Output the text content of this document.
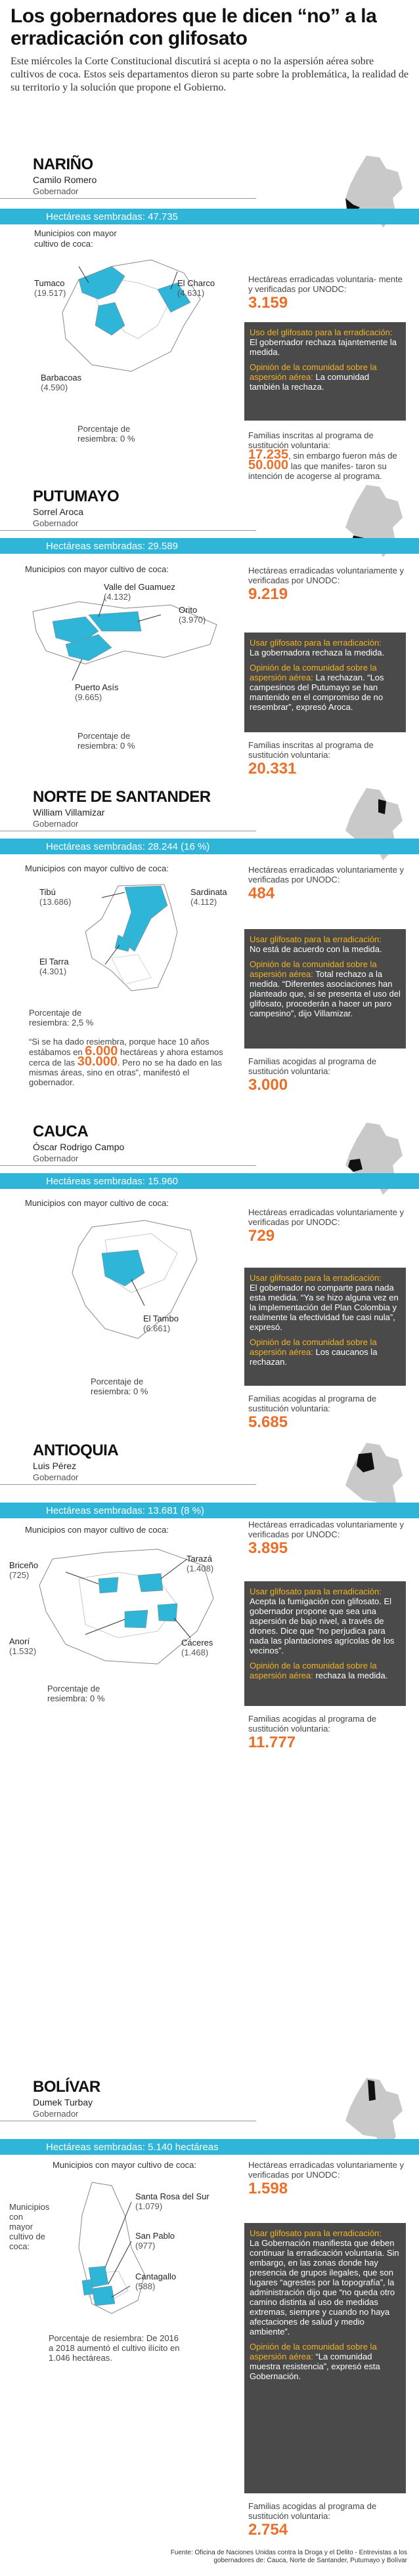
Los gobernadores que le dicen “no” a la erradicación con glifosato

Este miércoles la Corte Constitucional discutirá si acepta o no la aspersión aérea sobre cultivos de coca. Estos seis departamentos dieron su parte sobre la problemática, la realidad de su territorio y la solución que propone el Gobierno.

NARIÑO
Camilo Romero
Gobernador
Hectáreas sembradas: 47.735
Municipios con mayor cultivo de coca:
Tumaco
(19.517)
El Charco
(4.631)
Barbacoas
(4.590)
Porcentaje de resiembra: 0 %
Hectáreas erradicadas voluntaria- mente y verificadas por UNODC:
3.159

Uso del glifosato para la erradicación:
El gobernador rechaza tajantemente la medida.

Opinión de la comunidad sobre la aspersión aérea: La comunidad también la rechaza.

Familias inscritas al programa de sustitución voluntaria:
17.235, sin embargo fueron más de 50.000 las que manifes- taron su intención de acogerse al programa.
PUTUMAYO
Sorrel Aroca
Gobernador
Hectáreas sembradas: 29.589
Municipios con mayor cultivo de coca:
Valle del Guamuez
(4.132)
Orito
(3.970)
Puerto Asís
(9.665)
Porcentaje de resiembra: 0 %
Hectáreas erradicadas voluntariamente y verificadas por UNODC:
9.219

Usar glifosato para la erradicación:
La gobernadora rechaza la medida.

Opinión de la comunidad sobre la aspersión aérea: La rechazan. “Los campesinos del Putumayo se han mantenido en el compromiso de no resembrar”, expresó Aroca.

Familias inscritas al programa de sustitución voluntaria:
20.331
NORTE DE SANTANDER
William Villamizar
Gobernador
Hectáreas sembradas: 28.244 (16 %)
Municipios con mayor cultivo de coca:
Tibú
(13.686)
Sardinata
(4.112)
El Tarra
(4.301)
Porcentaje de resiembra: 2,5 %
“Si se ha dado resiembra, porque hace 10 años estábamos en 6.000 hectáreas y ahora estamos cerca de las 30.000. Pero no se ha dado en las mismas áreas, sino en otras”, manifestó el gobernador.
Hectáreas erradicadas voluntariamente y verificadas por UNODC:
484

Usar glifosato para la erradicación:
No está de acuerdo con la medida.

Opinión de la comunidad sobre la aspersión aérea: Total rechazo a la medida. “Diferentes asociaciones han planteado que, si se presenta el uso del glifosato, procederán a hacer un paro campesino”, dijo Villamizar.

Familias acogidas al programa de sustitución voluntaria:
3.000
CAUCA
Óscar Rodrigo Campo
Gobernador
Hectáreas sembradas: 15.960
Municipios con mayor cultivo de coca:
El Tambo
(6.661)
Porcentaje de resiembra: 0 %
Hectáreas erradicadas voluntariamente y verificadas por UNODC:
729

Usar glifosato para la erradicación:
El gobernador no comparte para nada esta medida. “Ya se hizo alguna vez en la implementación del Plan Colombia y realmente la efectividad fue casi nula”, expresó.

Opinión de la comunidad sobre la aspersión aérea: Los caucanos la rechazan.

Familias acogidas al programa de sustitución voluntaria:
5.685
ANTIOQUIA
Luis Pérez
Gobernador
Hectáreas sembradas: 13.681 (8 %)
Municipios con mayor cultivo de coca:
Briceño
(725)
Tarazá
(1.408)
Anorí
(1.532)
Cáceres
(1.468)
Porcentaje de resiembra: 0 %
Hectáreas erradicadas voluntariamente y verificadas por UNODC:
3.895

Usar glifosato para la erradicación:
Acepta la fumigación con glifosato. El gobernador propone que sea una aspersión de bajo nivel, a través de drones. Dice que “no perjudica para nada las plantaciones agrícolas de los vecinos”.

Opinión de la comunidad sobre la aspersión aérea: rechaza la medida.

Familias acogidas al programa de sustitución voluntaria:
11.777
BOLÍVAR
Dumek Turbay
Gobernador
Hectáreas sembradas: 5.140 hectáreas
Municipios con mayor cultivo de coca:
Municipios con mayor cultivo de coca:
Santa Rosa del Sur
(1.079)
San Pablo
(977)
Cantagallo
(588)
Porcentaje de resiembra: De 2016 a 2018 aumentó el cultivo ilícito en 1.046 hectáreas.
Hectáreas erradicadas voluntariamente y verificadas por UNODC:
1.598

Usar glifosato para la erradicación:
La Gobernación manifiesta que deben continuar la erradicación voluntaria. Sin embargo, en las zonas donde hay presencia de grupos ilegales, que son lugares “agrestes por la topografía”, la administración dijo que “no queda otro camino distinta al uso de medidas extremas, siempre y cuando no haya afectaciones de salud y medio ambiente”.

Opinión de la comunidad sobre la aspersión aérea: “La comunidad muestra resistencia”, expresó esta Gobernación.

Familias acogidas al programa de sustitución voluntaria:
2.754
Fuente: Oficina de Naciones Unidas contra la Droga y el Delito - Entrevistas a los gobernadores de: Cauca, Norte de Santander, Putumayo y Bolívar
